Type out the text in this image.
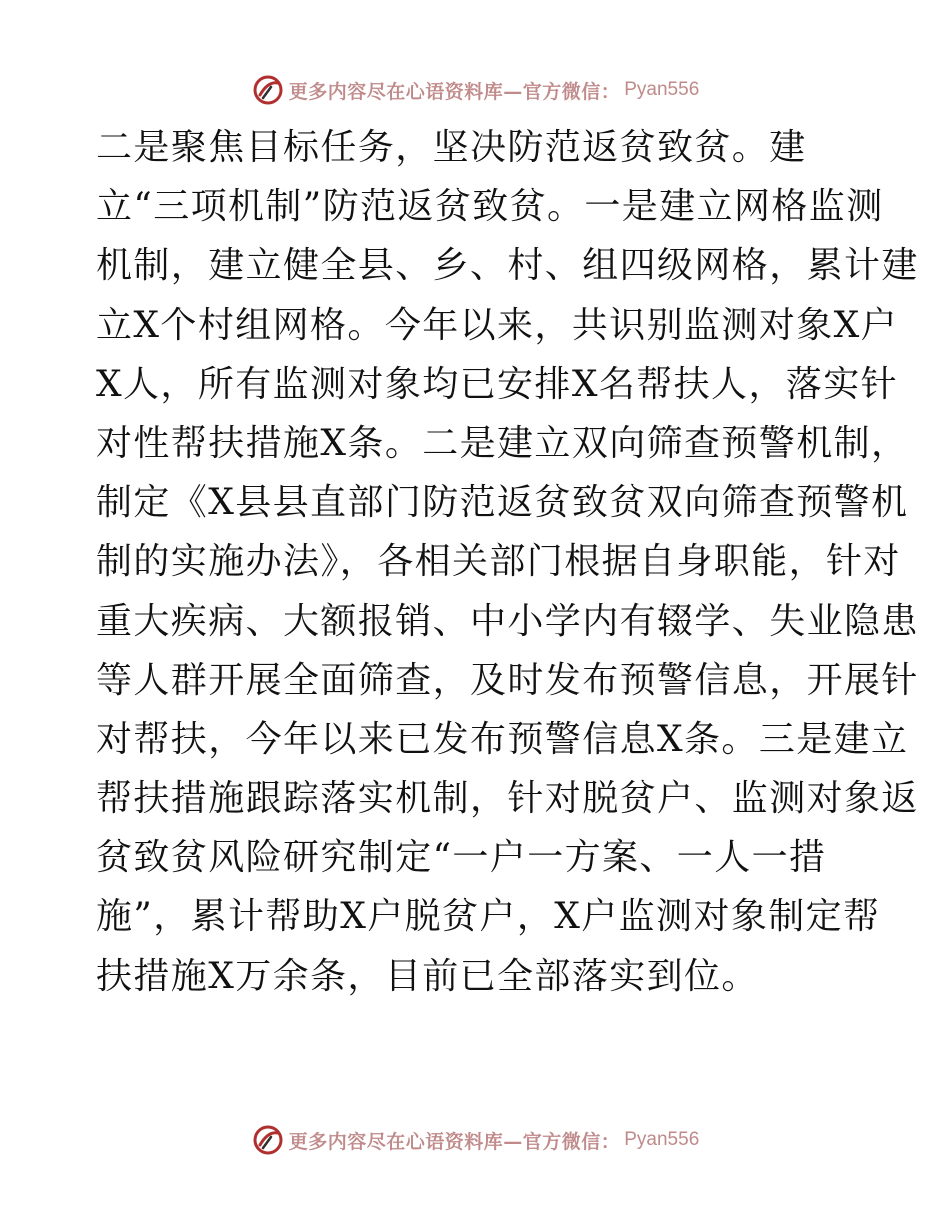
更多内容尽在心语资料库—官方微信： Pyan556
二是聚焦目标任务，坚决防范返贫致贫。建
立“三项机制”防范返贫致贫。一是建立网格监测
机制，建立健全县、乡、村、组四级网格，累计建
立X个村组网格。今年以来，共识别监测对象X户
X人，所有监测对象均已安排X名帮扶人，落实针
对性帮扶措施X条。二是建立双向筛查预警机制，
制定《X县县直部门防范返贫致贫双向筛查预警机
制的实施办法》，各相关部门根据自身职能，针对
重大疾病、大额报销、中小学内有辍学、失业隐患
等人群开展全面筛查，及时发布预警信息，开展针
对帮扶，今年以来已发布预警信息X条。三是建立
帮扶措施跟踪落实机制，针对脱贫户、监测对象返
贫致贫风险研究制定“一户一方案、一人一措
施”，累计帮助X户脱贫户，X户监测对象制定帮
扶措施X万余条，目前已全部落实到位。
更多内容尽在心语资料库—官方微信： Pyan556
